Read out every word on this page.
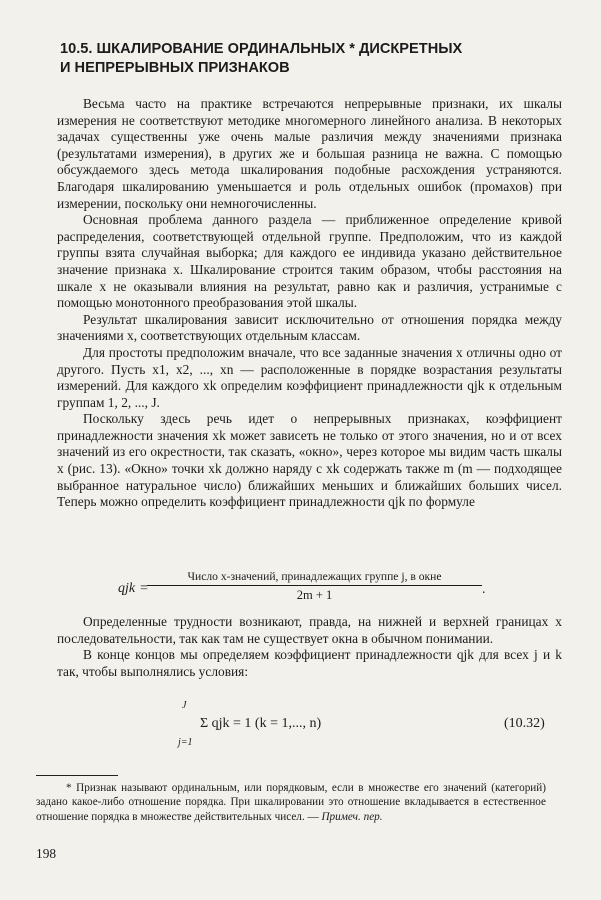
10.5. ШКАЛИРОВАНИЕ ОРДИНАЛЬНЫХ * ДИСКРЕТНЫХ
И НЕПРЕРЫВНЫХ ПРИЗНАКОВ

Весьма часто на практике встречаются непрерывные признаки, их шкалы измерения не соответствуют методике многомерного линейного анализа. В некоторых задачах существенны уже очень малые различия между значениями признака (результатами измерения), в других же и большая разница не важна. С помощью обсуждаемого здесь метода шкалирования подобные расхождения устраняются. Благодаря шкалированию уменьшается и роль отдельных ошибок (промахов) при измерении, поскольку они немногочисленны.

Основная проблема данного раздела — приближенное определение кривой распределения, соответствующей отдельной группе. Предположим, что из каждой группы взята случайная выборка; для каждого ее индивида указано действительное значение признака x. Шкалирование строится таким образом, чтобы расстояния на шкале x не оказывали влияния на результат, равно как и различия, устранимые с помощью монотонного преобразования этой шкалы.

Результат шкалирования зависит исключительно от отношения порядка между значениями x, соответствующих отдельным классам.

Для простоты предположим вначале, что все заданные значения x отличны одно от другого. Пусть x1, x2, ..., xn — расположенные в порядке возрастания результаты измерений. Для каждого xk определим коэффициент принадлежности qjk к отдельным группам 1, 2, ..., J.

Поскольку здесь речь идет о непрерывных признаках, коэффициент принадлежности значения xk может зависеть не только от этого значения, но и от всех значений из его окрестности, так сказать, «окно», через которое мы видим часть шкалы x (рис. 13). «Окно» точки xk должно наряду с xk содержать также m (m — подходящее выбранное натуральное число) ближайших меньших и ближайших больших чисел. Теперь можно определить коэффициент принадлежности qjk по формуле

qjk =
Число x-значений, принадлежащих группе j, в окне
2m + 1	.

Определенные трудности возникают, правда, на нижней и верхней границах x последовательности, так как там не существует окна в обычном понимании.

В конце концов мы определяем коэффициент принадлежности qjk для всех j и k так, чтобы выполнялись условия:

J
j=1
Σ qjk = 1 (k = 1,..., n)	(10.32)

* Признак называют ординальным, или порядковым, если в множестве его значений (категорий) задано какое-либо отношение порядка. При шкалировании это отношение вкладывается в естественное отношение порядка в множестве действительных чисел. — Примеч. пер.

198
